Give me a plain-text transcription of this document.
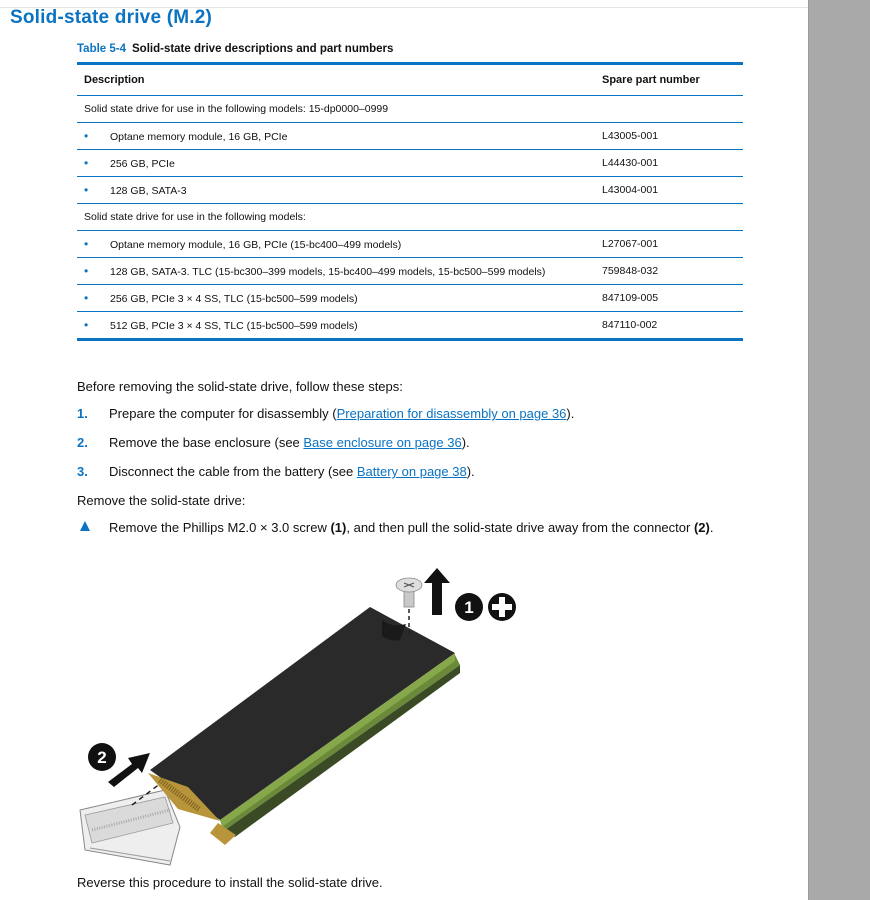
Solid-state drive (M.2)
Table 5-4 Solid-state drive descriptions and part numbers
Description	Spare part number
Solid state drive for use in the following models: 15-dp0000–0999	
• Optane memory module, 16 GB, PCIe	L43005-001
• 256 GB, PCIe	L44430-001
• 128 GB, SATA-3	L43004-001
Solid state drive for use in the following models:	
• Optane memory module, 16 GB, PCIe (15-bc400–499 models)	L27067-001
• 128 GB, SATA-3. TLC (15-bc300–399 models, 15-bc400–499 models, 15-bc500–599 models)	759848-032
• 256 GB, PCIe 3 × 4 SS, TLC (15-bc500–599 models)	847109-005
• 512 GB, PCIe 3 × 4 SS, TLC (15-bc500–599 models)	847110-002
Before removing the solid-state drive, follow these steps:
1. Prepare the computer for disassembly (Preparation for disassembly on page 36).
2. Remove the base enclosure (see Base enclosure on page 36).
3. Disconnect the cable from the battery (see Battery on page 38).
Remove the solid-state drive:
Remove the Phillips M2.0 × 3.0 screw (1), and then pull the solid-state drive away from the connector (2).
1
2
Reverse this procedure to install the solid-state drive.
